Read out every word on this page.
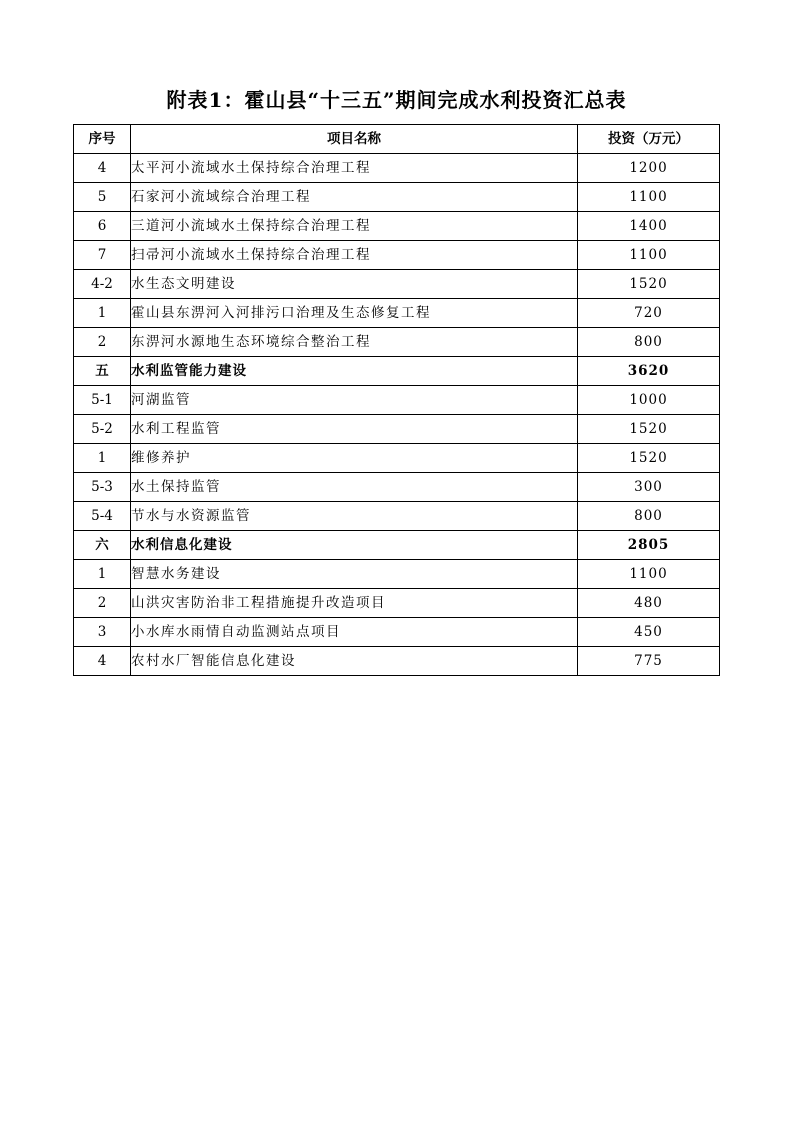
附表1：霍山县“十三五”期间完成水利投资汇总表
序号	项目名称	投资（万元）
4	太平河小流域水土保持综合治理工程	1200
5	石家河小流域综合治理工程	1100
6	三道河小流域水土保持综合治理工程	1400
7	扫帚河小流域水土保持综合治理工程	1100
4-2	水生态文明建设	1520
1	霍山县东淠河入河排污口治理及生态修复工程	720
2	东淠河水源地生态环境综合整治工程	800
五	水利监管能力建设	3620
5-1	河湖监管	1000
5-2	水利工程监管	1520
1	维修养护	1520
5-3	水土保持监管	300
5-4	节水与水资源监管	800
六	水利信息化建设	2805
1	智慧水务建设	1100
2	山洪灾害防治非工程措施提升改造项目	480
3	小水库水雨情自动监测站点项目	450
4	农村水厂智能信息化建设	775
